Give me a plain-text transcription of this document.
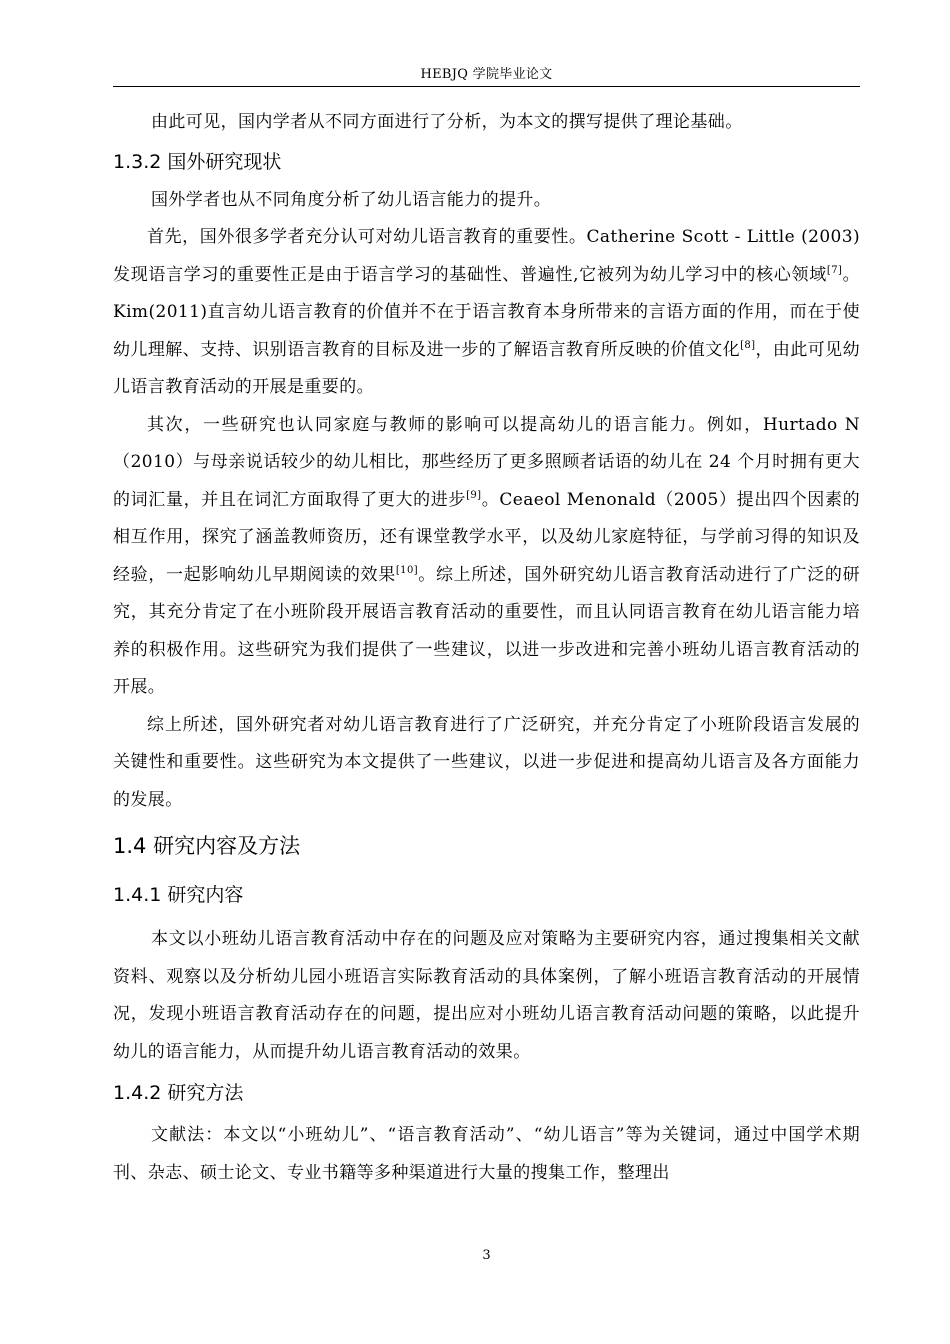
HEBJQ 学院毕业论文

由此可见，国内学者从不同方面进行了分析，为本文的撰写提供了理论基础。

1.3.2 国外研究现状

国外学者也从不同角度分析了幼儿语言能力的提升。

首先，国外很多学者充分认可对幼儿语言教育的重要性。Catherine Scott - Little (2003)发现语言学习的重要性正是由于语言学习的基础性、普遍性,它被列为幼儿学习中的核心领域[7]。Kim(2011)直言幼儿语言教育的价值并不在于语言教育本身所带来的言语方面的作用，而在于使幼儿理解、支持、识别语言教育的目标及进一步的了解语言教育所反映的价值文化[8]，由此可见幼儿语言教育活动的开展是重要的。

其次，一些研究也认同家庭与教师的影响可以提高幼儿的语言能力。例如，Hurtado N（2010）与母亲说话较少的幼儿相比，那些经历了更多照顾者话语的幼儿在 24 个月时拥有更大的词汇量，并且在词汇方面取得了更大的进步[9]。Ceaeol Menonald（2005）提出四个因素的相互作用，探究了涵盖教师资历，还有课堂教学水平，以及幼儿家庭特征，与学前习得的知识及经验，一起影响幼儿早期阅读的效果[10]。综上所述，国外研究幼儿语言教育活动进行了广泛的研究，其充分肯定了在小班阶段开展语言教育活动的重要性，而且认同语言教育在幼儿语言能力培养的积极作用。这些研究为我们提供了一些建议，以进一步改进和完善小班幼儿语言教育活动的开展。

综上所述，国外研究者对幼儿语言教育进行了广泛研究，并充分肯定了小班阶段语言发展的关键性和重要性。这些研究为本文提供了一些建议，以进一步促进和提高幼儿语言及各方面能力的发展。

1.4 研究内容及方法
1.4.1 研究内容

本文以小班幼儿语言教育活动中存在的问题及应对策略为主要研究内容，通过搜集相关文献资料、观察以及分析幼儿园小班语言实际教育活动的具体案例，了解小班语言教育活动的开展情况，发现小班语言教育活动存在的问题，提出应对小班幼儿语言教育活动问题的策略，以此提升幼儿的语言能力，从而提升幼儿语言教育活动的效果。

1.4.2 研究方法

文献法：本文以“小班幼儿”、“语言教育活动”、“幼儿语言”等为关键词，通过中国学术期刊、杂志、硕士论文、专业书籍等多种渠道进行大量的搜集工作，整理出

3
